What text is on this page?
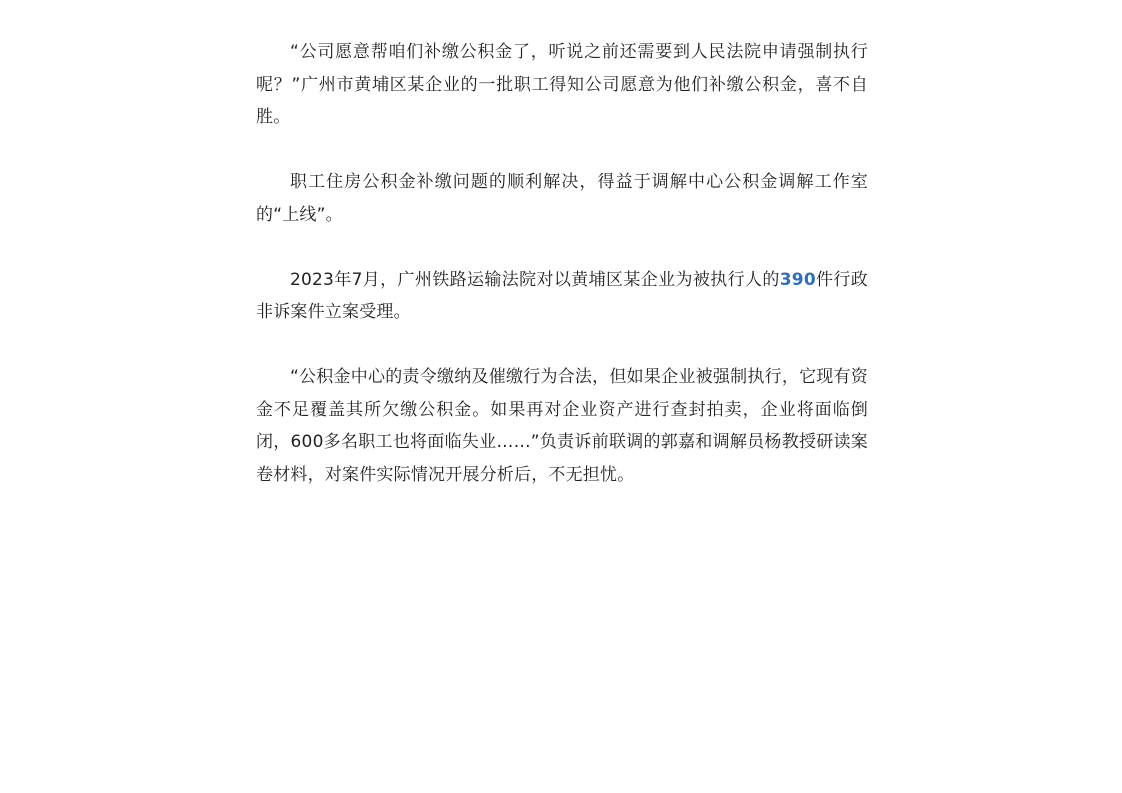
“公司愿意帮咱们补缴公积金了，听说之前还需要到人民法院申请强制执行呢？”广州市黄埔区某企业的一批职工得知公司愿意为他们补缴公积金，喜不自胜。

职工住房公积金补缴问题的顺利解决，得益于调解中心公积金调解工作室的“上线”。

2023年7月，广州铁路运输法院对以黄埔区某企业为被执行人的390件行政非诉案件立案受理。

“公积金中心的责令缴纳及催缴行为合法，但如果企业被强制执行，它现有资金不足覆盖其所欠缴公积金。如果再对企业资产进行查封拍卖，企业将面临倒闭，600多名职工也将面临失业……”负责诉前联调的郭嘉和调解员杨教授研读案卷材料，对案件实际情况开展分析后，不无担忧。
